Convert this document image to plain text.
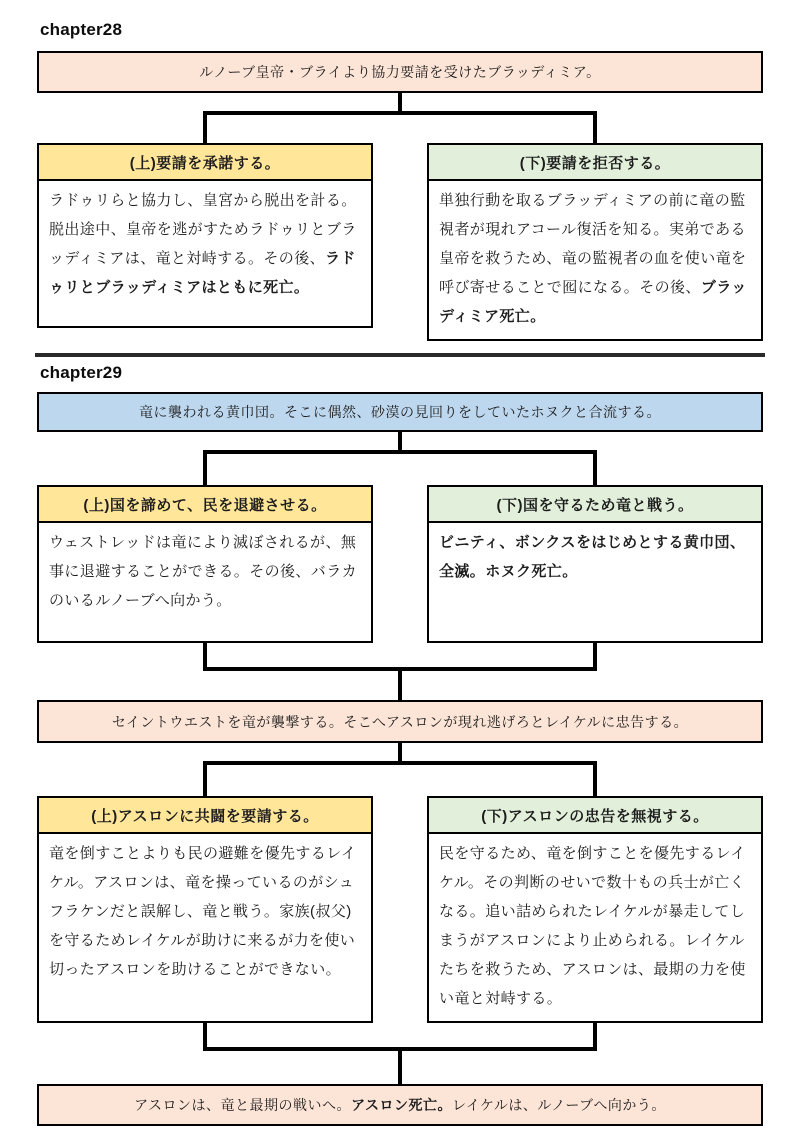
chapter28
ルノーブ皇帝・ブライより協力要請を受けたブラッディミア。
(上)要請を承諾する。
ラドゥリらと協力し、皇宮から脱出を計る。脱出途中、皇帝を逃がすためラドゥリとブラッディミアは、竜と対峙する。その後、ラドゥリとブラッディミアはともに死亡。
(下)要請を拒否する。
単独行動を取るブラッディミアの前に竜の監視者が現れアコール復活を知る。実弟である皇帝を救うため、竜の監視者の血を使い竜を呼び寄せることで囮になる。その後、ブラッディミア死亡。
chapter29
竜に襲われる黄巾団。そこに偶然、砂漠の見回りをしていたホヌクと合流する。
(上)国を諦めて、民を退避させる。
ウェストレッドは竜により滅ぼされるが、無事に退避することができる。その後、バラカのいるルノーブへ向かう。
(下)国を守るため竜と戦う。
ビニティ、ボンクスをはじめとする黄巾団、全滅。ホヌク死亡。
セイントウエストを竜が襲撃する。そこへアスロンが現れ逃げろとレイケルに忠告する。
(上)アスロンに共闘を要請する。
竜を倒すことよりも民の避難を優先するレイケル。アスロンは、竜を操っているのがシュフラケンだと誤解し、竜と戦う。家族(叔父)を守るためレイケルが助けに来るが力を使い切ったアスロンを助けることができない。
(下)アスロンの忠告を無視する。
民を守るため、竜を倒すことを優先するレイケル。その判断のせいで数十もの兵士が亡くなる。追い詰められたレイケルが暴走してしまうがアスロンにより止められる。レイケルたちを救うため、アスロンは、最期の力を使い竜と対峙する。
アスロンは、竜と最期の戦いへ。アスロン死亡。レイケルは、ルノーブへ向かう。
